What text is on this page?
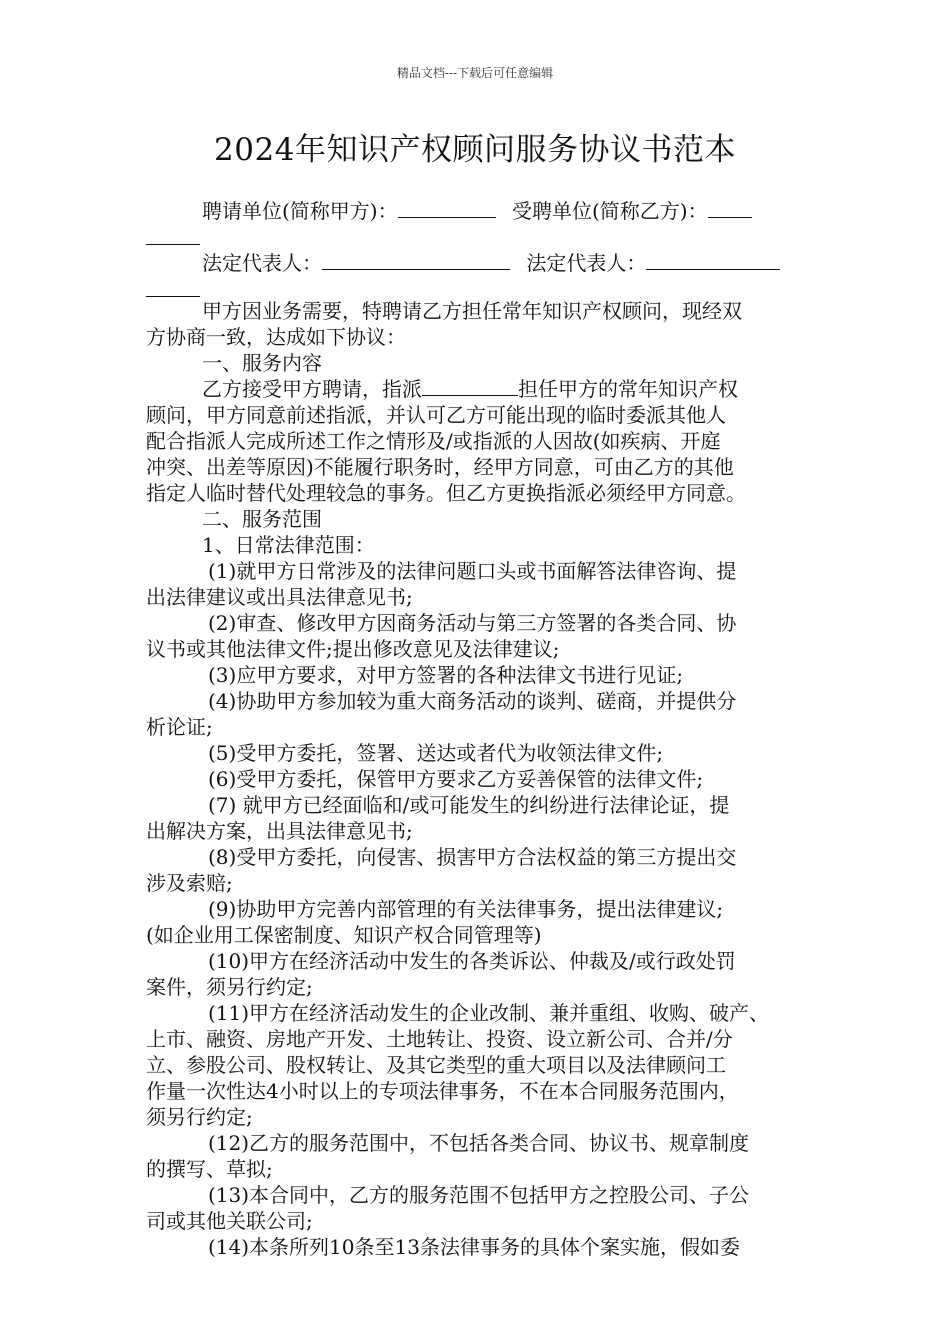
精品文档---下载后可任意编辑
2024年知识产权顾问服务协议书范本
聘请单位(简称甲方)：	受聘单位(简称乙方)：
法定代表人：	法定代表人：
甲方因业务需要，特聘请乙方担任常年知识产权顾问，现经双
方协商一致，达成如下协议：
一、服务内容
乙方接受甲方聘请，指派	担任甲方的常年知识产权
顾问，甲方同意前述指派，并认可乙方可能出现的临时委派其他人
配合指派人完成所述工作之情形及/或指派的人因故(如疾病、开庭
冲突、出差等原因)不能履行职务时，经甲方同意，可由乙方的其他
指定人临时替代处理较急的事务。但乙方更换指派必须经甲方同意。
二、服务范围
1、日常法律范围：
(1)就甲方日常涉及的法律问题口头或书面解答法律咨询、提
出法律建议或出具法律意见书;
(2)审查、修改甲方因商务活动与第三方签署的各类合同、协
议书或其他法律文件;提出修改意见及法律建议;
(3)应甲方要求，对甲方签署的各种法律文书进行见证;
(4)协助甲方参加较为重大商务活动的谈判、磋商，并提供分
析论证;
(5)受甲方委托，签署、送达或者代为收领法律文件;
(6)受甲方委托，保管甲方要求乙方妥善保管的法律文件;
(7) 就甲方已经面临和/或可能发生的纠纷进行法律论证，提
出解决方案，出具法律意见书;
(8)受甲方委托，向侵害、损害甲方合法权益的第三方提出交
涉及索赔;
(9)协助甲方完善内部管理的有关法律事务，提出法律建议;
(如企业用工保密制度、知识产权合同管理等)
(10)甲方在经济活动中发生的各类诉讼、仲裁及/或行政处罚
案件，须另行约定;
(11)甲方在经济活动发生的企业改制、兼并重组、收购、破产、
上市、融资、房地产开发、土地转让、投资、设立新公司、合并/分
立、参股公司、股权转让、及其它类型的重大项目以及法律顾问工
作量一次性达4小时以上的专项法律事务，不在本合同服务范围内，
须另行约定;
(12)乙方的服务范围中，不包括各类合同、协议书、规章制度
的撰写、草拟;
(13)本合同中，乙方的服务范围不包括甲方之控股公司、子公
司或其他关联公司;
(14)本条所列10条至13条法律事务的具体个案实施，假如委
